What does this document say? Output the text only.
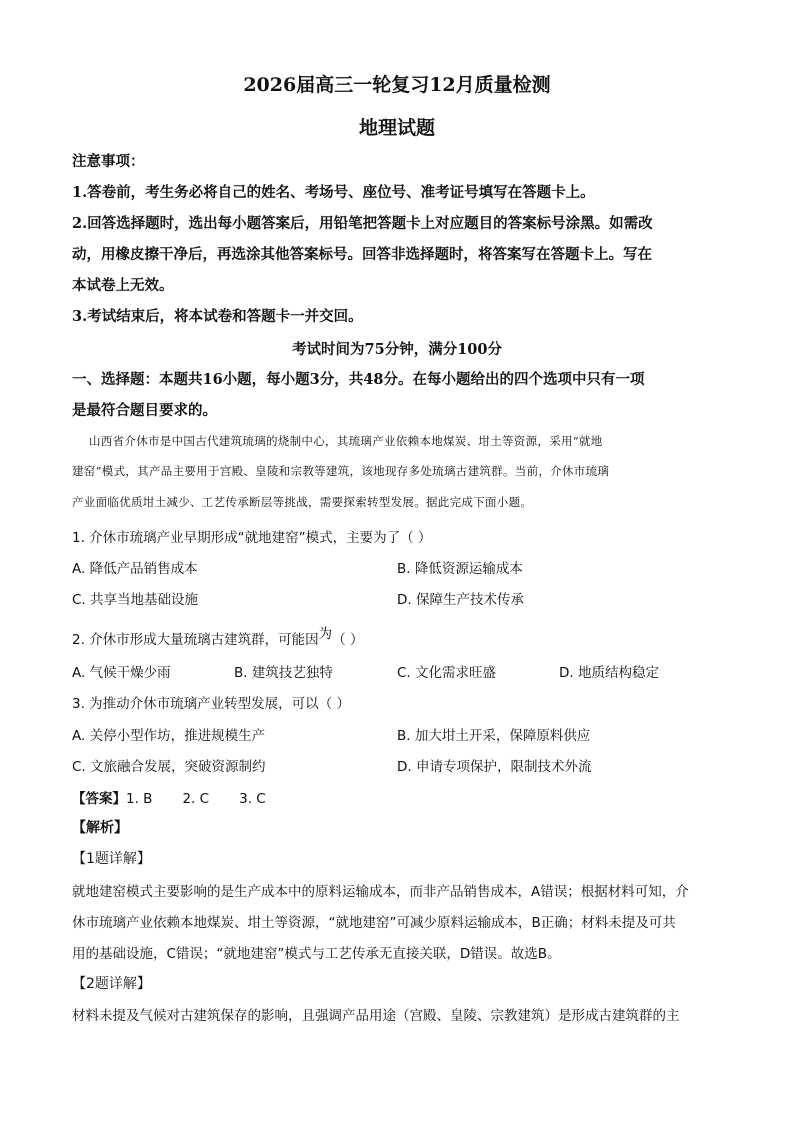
2026届高三一轮复习12月质量检测
地理试题
注意事项：
1.答卷前，考生务必将自己的姓名、考场号、座位号、准考证号填写在答题卡上。
2.回答选择题时，选出每小题答案后，用铅笔把答题卡上对应题目的答案标号涂黑。如需改
动，用橡皮擦干净后，再选涂其他答案标号。回答非选择题时，将答案写在答题卡上。写在
本试卷上无效。
3.考试结束后，将本试卷和答题卡一并交回。
考试时间为75分钟，满分100分
一、选择题：本题共16小题，每小题3分，共48分。在每小题给出的四个选项中只有一项
是最符合题目要求的。
山西省介休市是中国古代建筑琉璃的烧制中心，其琉璃产业依赖本地煤炭、坩土等资源，采用“就地
建窑”模式，其产品主要用于宫殿、皇陵和宗教等建筑，该地现存多处琉璃古建筑群。当前，介休市琉璃
产业面临优质坩土减少、工艺传承断层等挑战，需要探索转型发展。据此完成下面小题。
1. 介休市琉璃产业早期形成“就地建窑”模式，主要为了（ ）
A. 降低产品销售成本	B. 降低资源运输成本
C. 共享当地基础设施	D. 保障生产技术传承
2. 介休市形成大量琉璃古建筑群，可能因为（ ）
A. 气候干燥少雨	B. 建筑技艺独特	C. 文化需求旺盛	D. 地质结构稳定
3. 为推动介休市琉璃产业转型发展，可以（ ）
A. 关停小型作坊，推进规模生产	B. 加大坩土开采，保障原料供应
C. 文旅融合发展，突破资源制约	D. 申请专项保护，限制技术外流
【答案】1. B       2. C       3. C
【解析】
【1题详解】
就地建窑模式主要影响的是生产成本中的原料运输成本，而非产品销售成本，A错误；根据材料可知，介
休市琉璃产业依赖本地煤炭、坩土等资源，“就地建窑”可减少原料运输成本，B正确；材料未提及可共
用的基础设施，C错误；“就地建窑”模式与工艺传承无直接关联，D错误。故选B。
【2题详解】
材料未提及气候对古建筑保存的影响，且强调产品用途（宫殿、皇陵、宗教建筑）是形成古建筑群的主
